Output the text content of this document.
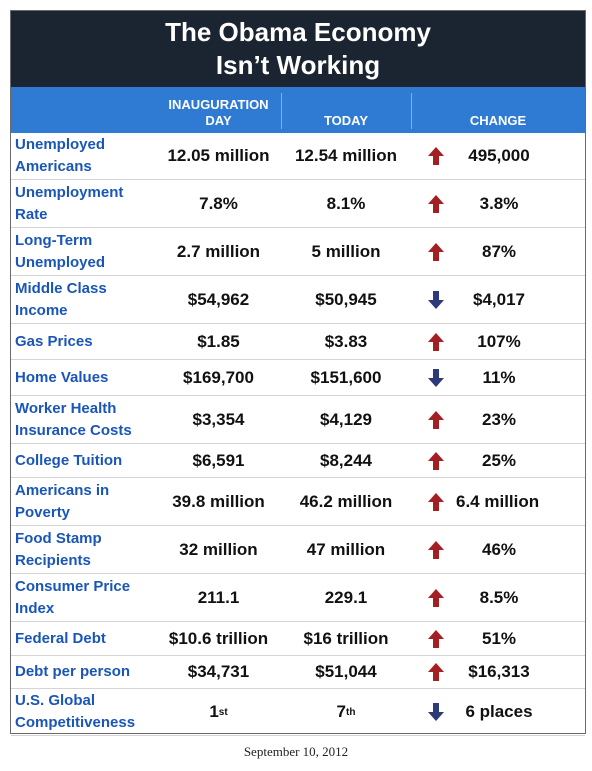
The Obama Economy
Isn’t Working
INAUGURATION
DAY	TODAY	CHANGE
Unemployed Americans
12.05 million 12.54 million	495,000
Unemployment Rate
7.8%	8.1%	3.8%
Long-Term Unemployed
2.7 million	5 million	87%
Middle Class Income
$54,962	$50,945	$4,017
Gas Prices	$1.85	$3.83	107%
Home Values	$169,700	$151,600	11%
Worker Health Insurance Costs
$3,354	$4,129	23%
College Tuition	$6,591	$8,244	25%
Americans in Poverty
39.8 million 46.2 million	6.4 million
Food Stamp Recipients
32 million	47 million	46%
Consumer Price Index
211.1	229.1	8.5%
Federal Debt	$10.6 trillion $16 trillion	51%
Debt per person	$34,731	$51,044	$16,313
U.S. Global Competitiveness
1 st	7 th	6 places
September 10, 2012
